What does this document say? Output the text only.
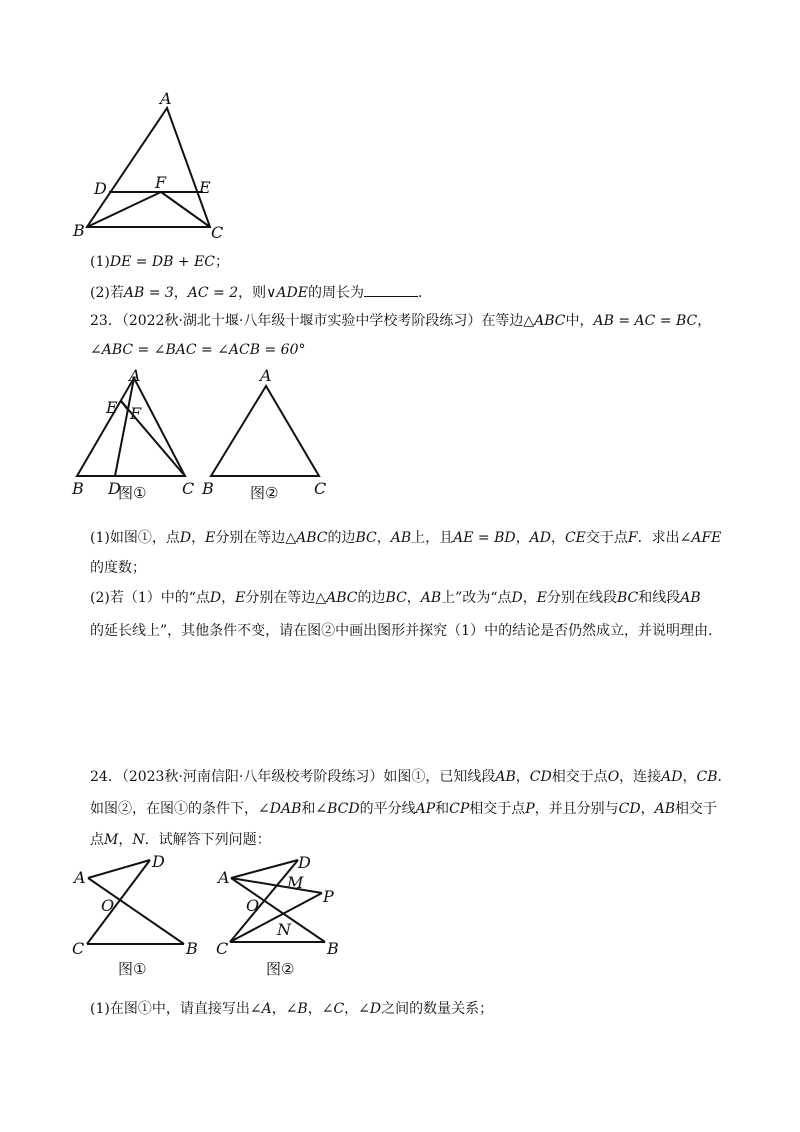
A
D	F E
B	C
(1)DE = DB + EC；
(2)若AB = 3，AC = 2，则∨ADE的周长为	.
23．（2022秋·湖北十堰·八年级十堰市实验中学校考阶段练习）在等边△ABC中，AB = AC = BC，
∠ABC = ∠BAC = ∠ACB = 60°
A
E F
B D	C
图①
A
B	C
图②
(1)如图①，点D，E分别在等边△ABC的边BC，AB上，且AE = BD，AD，CE交于点F．求出∠AFE
的度数；
(2)若（1）中的“点D，E分别在等边△ABC的边BC，AB上”改为“点D，E分别在线段BC和线段AB
的延长线上”，其他条件不变，请在图②中画出图形并探究（1）中的结论是否仍然成立，并说明理由.
24．（2023秋·河南信阳·八年级校考阶段练习）如图①，已知线段AB，CD相交于点O，连接AD，CB．
如图②，在图①的条件下，∠DAB和∠BCD的平分线AP和CP相交于点P，并且分别与CD，AB相交于
点M，N．试解答下列问题：
A
D
O
C	B
图①
A
D
M
P
O
N
C	B
图②
(1)在图①中，请直接写出∠A，∠B，∠C，∠D之间的数量关系；
